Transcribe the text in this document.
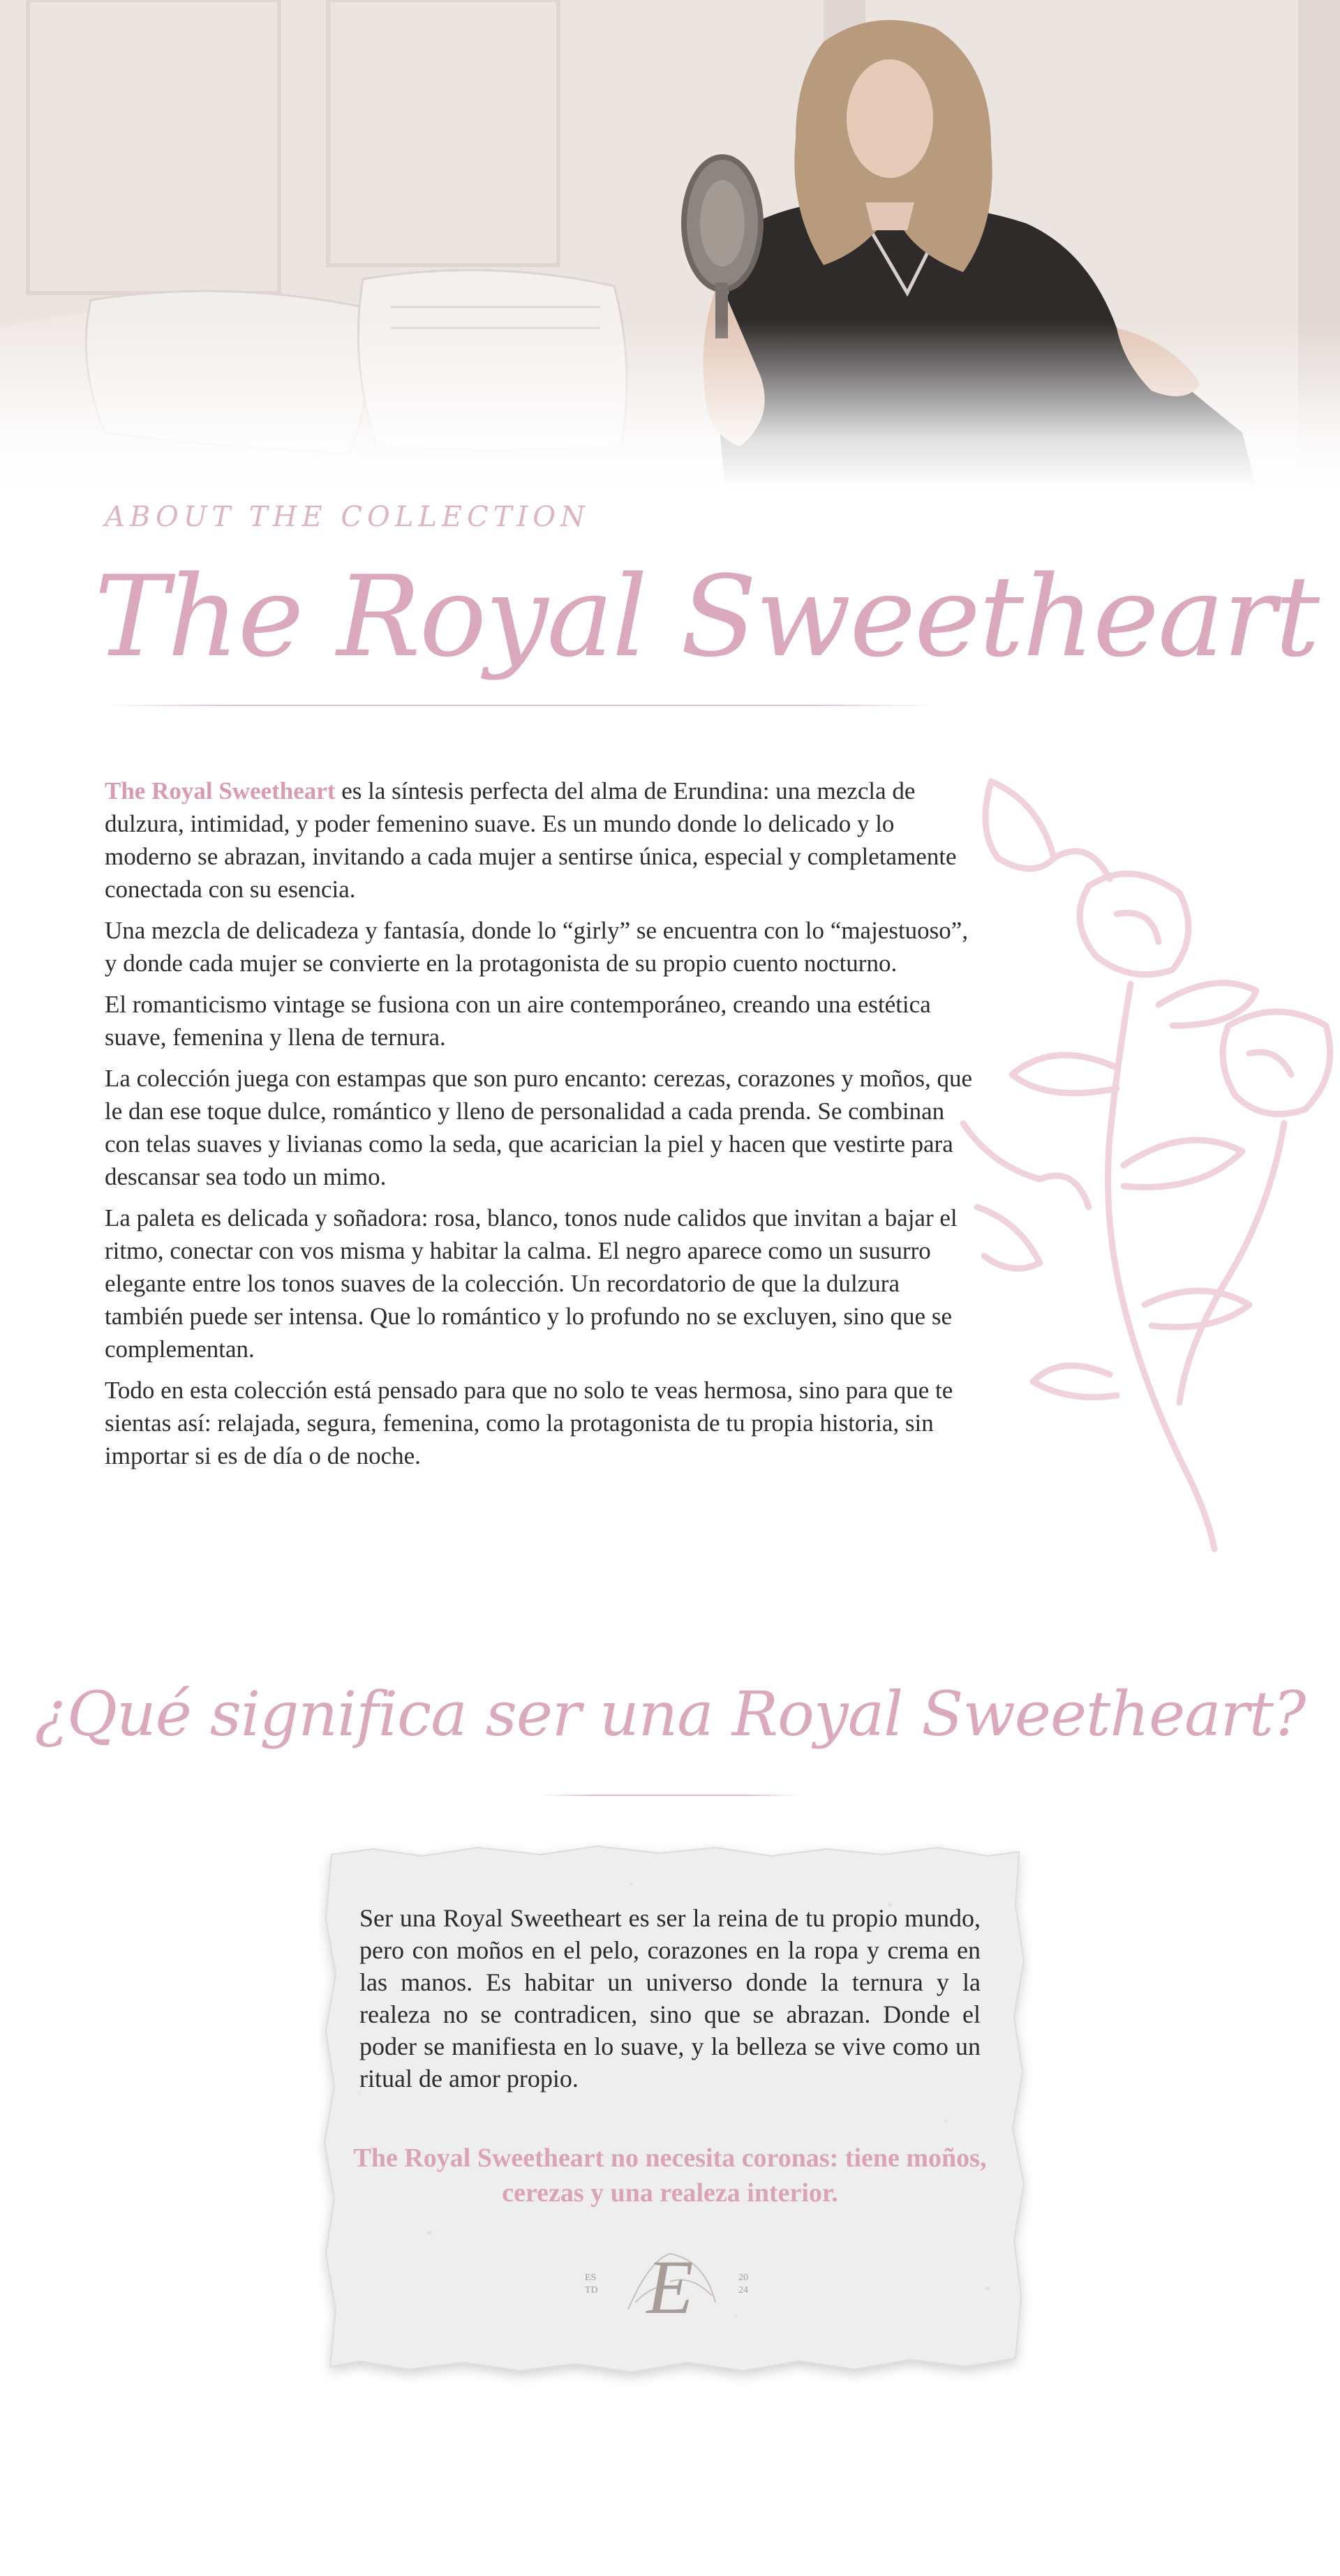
ABOUT THE COLLECTION
The Royal Sweetheart

The Royal Sweetheart es la síntesis perfecta del alma de Erundina: una mezcla de dulzura, intimidad, y poder femenino suave. Es un mundo donde lo delicado y lo moderno se abrazan, invitando a cada mujer a sentirse única, especial y completamente conectada con su esencia.

Una mezcla de delicadeza y fantasía, donde lo “girly” se encuentra con lo “majestuoso”, y donde cada mujer se convierte en la protagonista de su propio cuento nocturno.

El romanticismo vintage se fusiona con un aire contemporáneo, creando una estética suave, femenina y llena de ternura.

La colección juega con estampas que son puro encanto: cerezas, corazones y moños, que le dan ese toque dulce, romántico y lleno de personalidad a cada prenda. Se combinan con telas suaves y livianas como la seda, que acarician la piel y hacen que vestirte para descansar sea todo un mimo.

La paleta es delicada y soñadora: rosa, blanco, tonos nude calidos que invitan a bajar el ritmo, conectar con vos misma y habitar la calma. El negro aparece como un susurro elegante entre los tonos suaves de la colección. Un recordatorio de que la dulzura también puede ser intensa. Que lo romántico y lo profundo no se excluyen, sino que se complementan.

Todo en esta colección está pensado para que no solo te veas hermosa, sino para que te sientas así: relajada, segura, femenina, como la protagonista de tu propia historia, sin importar si es de día o de noche.

¿Qué significa ser una Royal Sweetheart?
Ser una Royal Sweetheart es ser la reina de tu propio mundo, pero con moños en el pelo, corazones en la ropa y crema en las manos. Es habitar un universo donde la ternura y la realeza no se contradicen, sino que se abrazan. Donde el poder se manifiesta en lo suave, y la belleza se vive como un ritual de amor propio.
The Royal Sweetheart no necesita coronas: tiene moños, cerezas y una realeza interior.
ES
TD E	20
24
